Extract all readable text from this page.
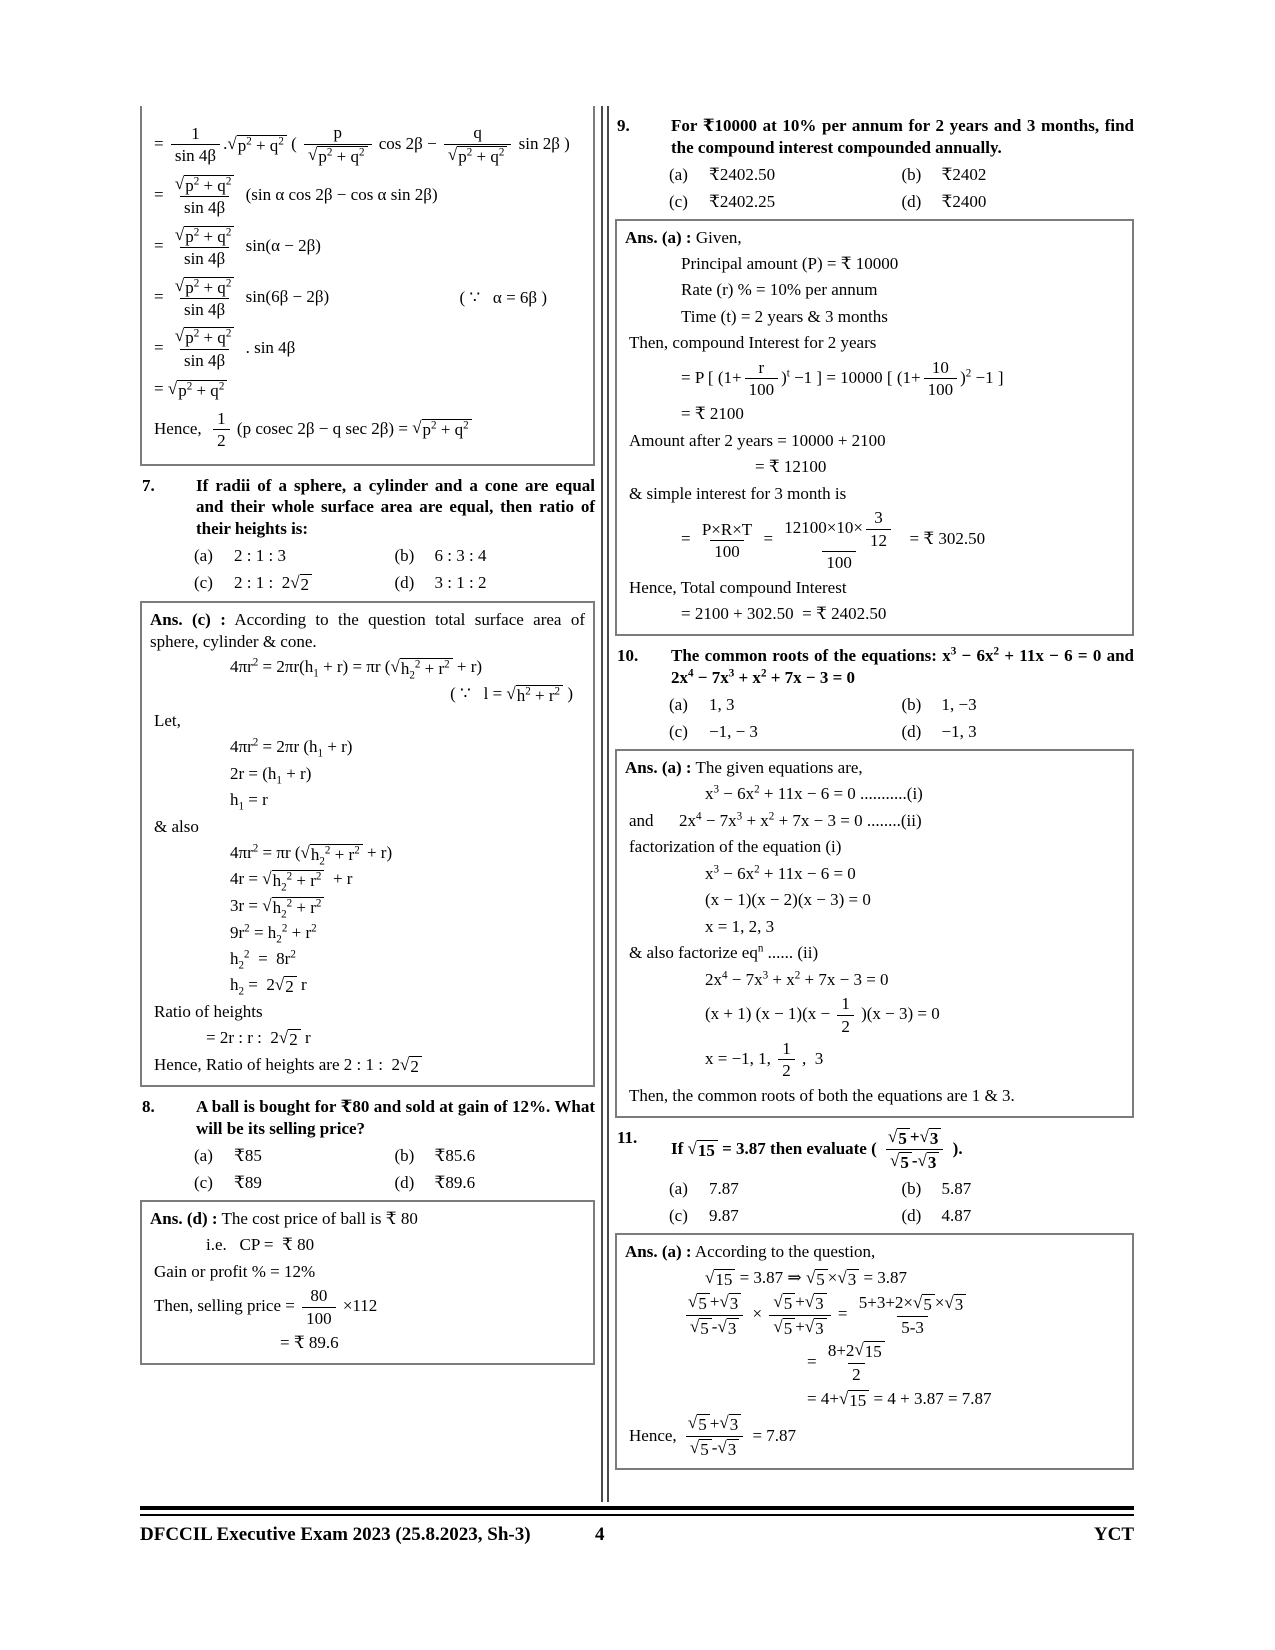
= $\frac{1}{\sin 4\beta}$ . √ $p^2 + q^2$ ( $\frac{p}{√ p^2 + q^2}$ $\cos 2\beta - \frac{q}{√ p^2 + q^2}$ sin 2β )
= $\frac{√ p^2 + q^2}{\sin 4\beta} (\sin$ α cos 2β − cos α sin 2β)
= $\frac{√ p^2 + q^2}{\sin 4\beta} \sin(\alpha - 2\beta)$
= $\frac{√ p^2 + q^2}{\sin 4\beta} \sin(6\beta - 2\beta)$	( ∵   α = 6β )
= $\frac{√ p^2 + q^2}{\sin 4\beta}$ . sin 4β
= √ $p^2 + q^2$
Hence, $\frac{1}{2} (p$ cosec 2β − q sec 2β) = √ $p^2 + q^2$
7.	If radii of a sphere, a cylinder and a cone are equal and their whole surface area are equal, then ratio of their heights is:
(a)	2 : 1 : 3	(b)	6 : 3 : 4
(c)	2 : 1 :  2 √ 2	(d)	3 : 1 : 2

Ans. (c) : According to the question total surface area of sphere, cylinder & cone.

$4\pi r^2 = 2\pi r(h_1 + r) = \pi r$ ( √ $h_2^2 + r^2 + r$)
( ∵   l = √ $h^2 + r^2$ )
Let,
$4\pi r^2 = 2\pi r$ $(h_1 + r)$
$2r = (h_1 + r)$
$h_1 = r$
& also
$4\pi r^2 = \pi r$ ( √ $h_2^2 + r^2 + r$)
4r = √ $h_2^2 + r^2 + r$
3r = √ $h_2^2 + r^2$
$9r^2 = h_2^2 + r^2$
$h_2^2 = 8r^2$
$h_2 = 2$ √ 2 r
Ratio of heights
= 2r : r :  2 √ 2 r
Hence, Ratio of heights are 2 : 1 :  2 √ 2
8.	A ball is bought for ₹80 and sold at gain of 12%. What will be its selling price?
(a)	₹85	(b)	₹85.6
(c)	₹89	(d)	₹89.6

Ans. (d) : The cost price of ball is ₹ 80

i.e.   CP =  ₹ 80
Gain or profit % = 12%
Then, selling price = $\frac{80}{100} \times 112$
= ₹ 89.6
9.	For ₹10000 at 10% per annum for 2 years and 3 months, find the compound interest compounded annually.
(a)	₹2402.50	(b)	₹2402
(c)	₹2402.25	(d)	₹2400

Ans. (a) : Given,

Principal amount (P) = ₹ 10000
Rate (r) % = 10% per annum
Time (t) = 2 years & 3 months
Then, compound Interest for 2 years
= P [ $(1+ \frac{r}{100} )^t -1$ ] = 10000 [ $(1+ \frac{10}{100} )^2 -1$ ]
= ₹ 2100
Amount after 2 years = 10000 + 2100
= ₹ 12100
& simple interest for 3 month is
= $\frac{P\times R\times T}{100} = \frac{12100\times 10\times \frac{3}{12}}{100}$ = ₹ 302.50
Hence, Total compound Interest
= 2100 + 302.50  = ₹ 2402.50
10.	The common roots of the equations: $x^3 - 6x^2 + 11x - 6 = 0$ and $2x^4 - 7x^3 + x^2 + 7x - 3 = 0$
(a)	1, 3	(b)	1, −3
(c)	−1, − 3	(d)	−1, 3

Ans. (a) : The given equations are,

$x^3 - 6x^2 + 11x - 6 = 0$ ...........(i)
and      $2x^4 - 7x^3 + x^2 + 7x - 3 = 0$ ........(ii)
factorization of the equation (i)
$x^3 - 6x^2 + 11x - 6 = 0$
(x − 1)(x − 2)(x − 3) = 0
x = 1, 2, 3
& also factorize $eq^n$ ...... (ii)
$2x^4 - 7x^3 + x^2 + 7x - 3 = 0$
(x + 1) $(x - 1)(x - \frac{1}{2} )(x - 3) = 0$
x = −1, 1, $\frac{1}{2}$ ,  3
Then, the common roots of both the equations are 1 & 3.
11.
If √ 15 = 3.87 then evaluate ( $\frac{√ 5 + √ 3}{√ 5 - √ 3}$ ).
(a)	7.87	(b)	5.87
(c)	9.87	(d)	4.87

Ans. (a) : According to the question,

√ 15 = 3.87 ⇒ √ 5 × √ 3 = 3.87
$\frac{√ 5 + √ 3}{√ 5 - √ 3} \times \frac{√ 5 + √ 3}{√ 5 + √ 3} = \frac{5+3+2\times √ 5 \times √ 3}{5-3}$
= $\frac{8+2 √ 15}{2}$
= 4+ √ 15 = 4 + 3.87 = 7.87
Hence, $\frac{√ 5 + √ 3}{√ 5 - √ 3} = 7.87$
DFCCIL Executive Exam 2023 (25.8.2023, Sh-3)	4	YCT
